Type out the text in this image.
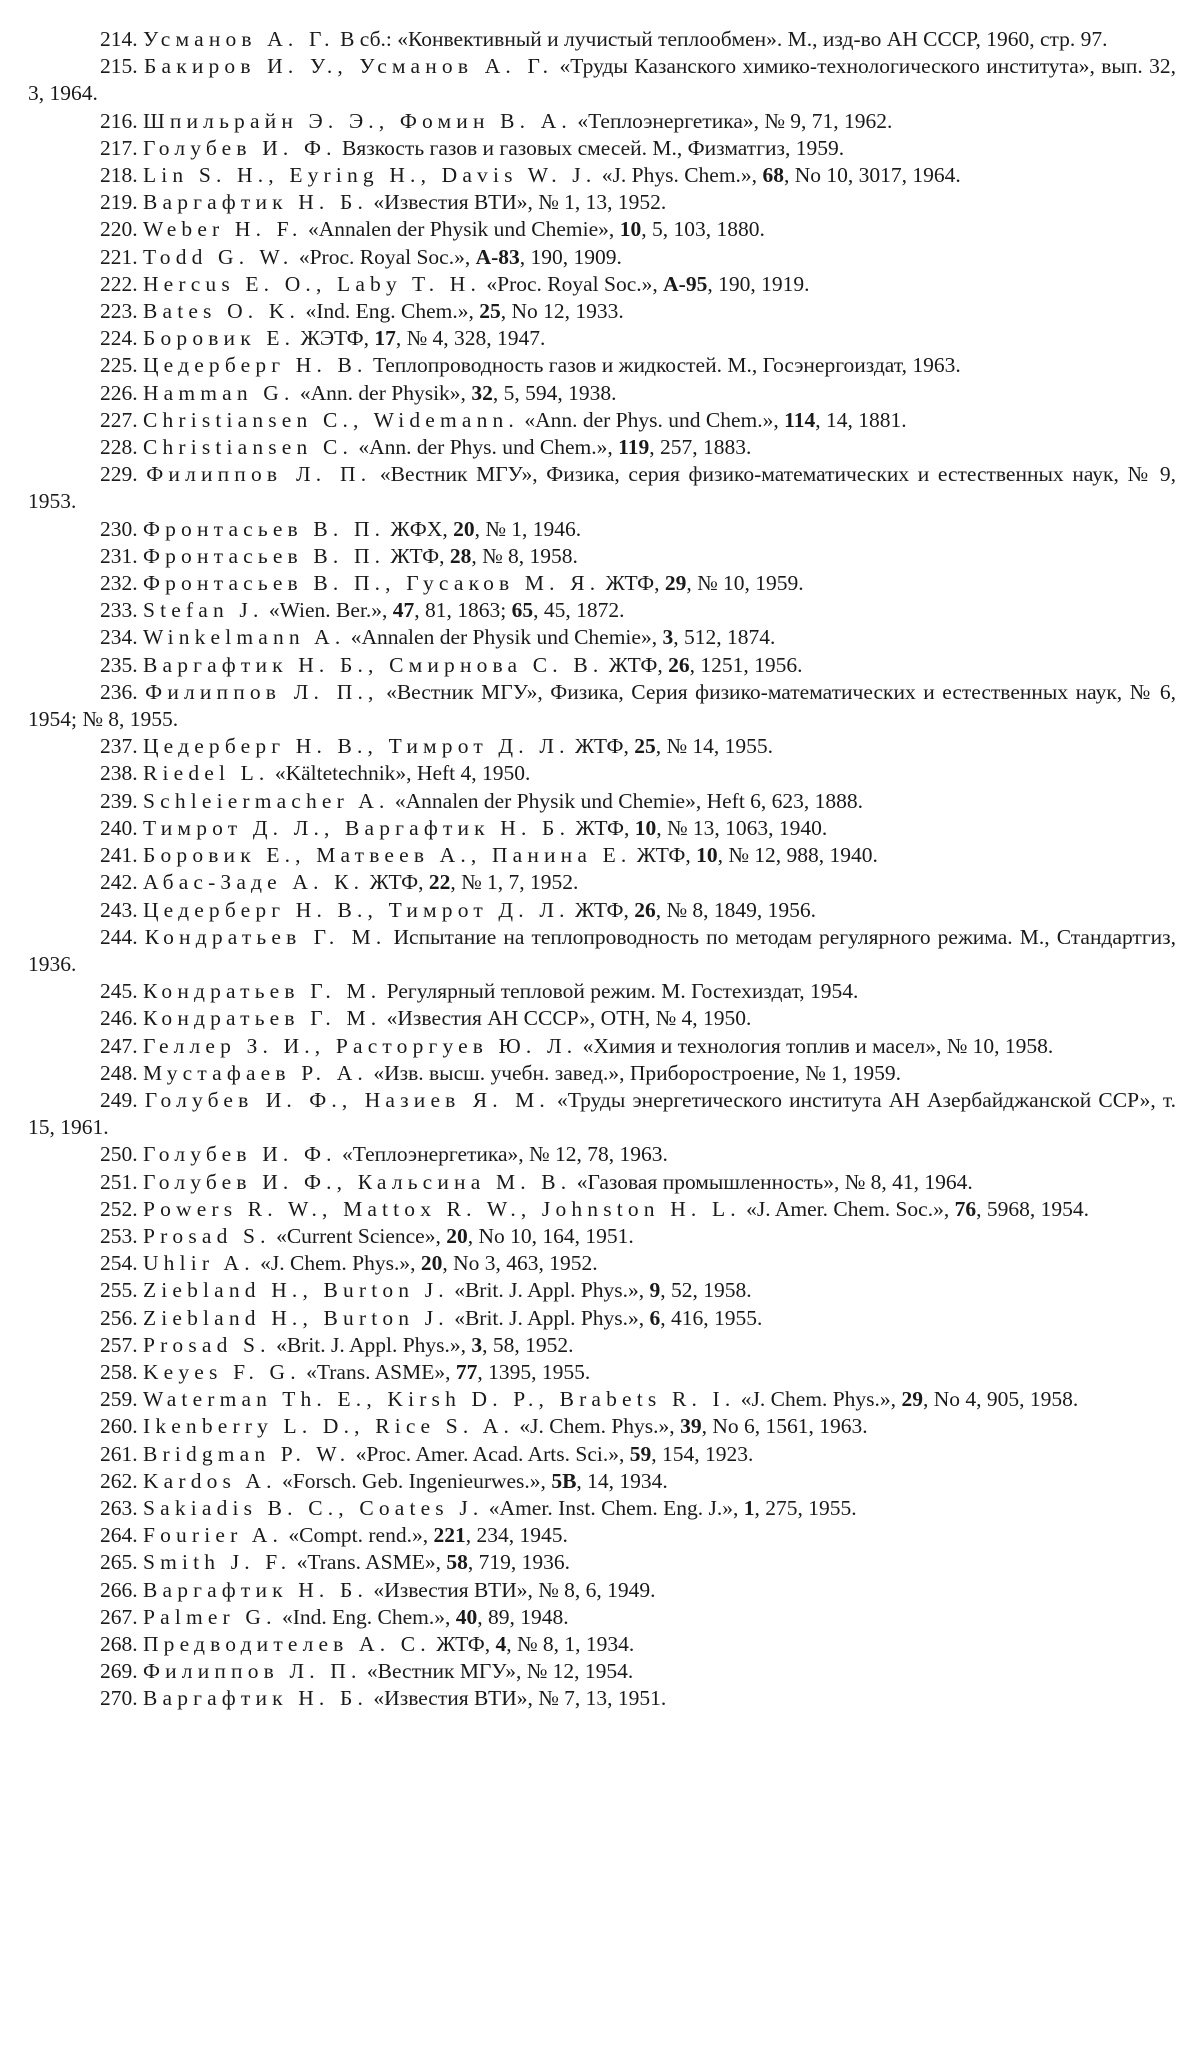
214. Усманов А. Г. В сб.: «Конвективный и лучистый теплообмен». М., изд-во АН СССР, 1960, стр. 97.
215. Бакиров И. У., Усманов А. Г. «Труды Казанского химико-технологического института», вып. 32, 3, 1964.
216. Шпильрайн Э. Э., Фомин В. А. «Теплоэнергетика», № 9, 71, 1962.
217. Голубев И. Ф. Вязкость газов и газовых смесей. М., Физматгиз, 1959.
218. Lin S. H., Eyring H., Davis W. J. «J. Phys. Chem.», 68, No 10, 3017, 1964.
219. Варгафтик Н. Б. «Известия ВТИ», № 1, 13, 1952.
220. Weber H. F. «Annalen der Physik und Chemie», 10, 5, 103, 1880.
221. Todd G. W. «Proc. Royal Soc.», A-83, 190, 1909.
222. Hercus E. O., Laby T. H. «Proc. Royal Soc.», A-95, 190, 1919.
223. Bates O. K. «Ind. Eng. Chem.», 25, No 12, 1933.
224. Боровик Е. ЖЭТФ, 17, № 4, 328, 1947.
225. Цедерберг Н. В. Теплопроводность газов и жидкостей. М., Госэнергоиздат, 1963.
226. Hamman G. «Ann. der Physik», 32, 5, 594, 1938.
227. Christiansen C., Widemann. «Ann. der Phys. und Chem.», 114, 14, 1881.
228. Christiansen C. «Ann. der Phys. und Chem.», 119, 257, 1883.
229. Филиппов Л. П. «Вестник МГУ», Физика, серия физико-математических и естественных наук, № 9, 1953.
230. Фронтасьев В. П. ЖФХ, 20, № 1, 1946.
231. Фронтасьев В. П. ЖТФ, 28, № 8, 1958.
232. Фронтасьев В. П., Гусаков М. Я. ЖТФ, 29, № 10, 1959.
233. Stefan J. «Wien. Ber.», 47, 81, 1863; 65, 45, 1872.
234. Winkelmann A. «Annalen der Physik und Chemie», 3, 512, 1874.
235. Варгафтик Н. Б., Смирнова С. В. ЖТФ, 26, 1251, 1956.
236. Филиппов Л. П., «Вестник МГУ», Физика, Серия физико-математических и естественных наук, № 6, 1954; № 8, 1955.
237. Цедерберг Н. В., Тимрот Д. Л. ЖТФ, 25, № 14, 1955.
238. Riedel L. «Kältetechnik», Heft 4, 1950.
239. Schleiermacher A. «Annalen der Physik und Chemie», Heft 6, 623, 1888.
240. Тимрот Д. Л., Варгафтик Н. Б. ЖТФ, 10, № 13, 1063, 1940.
241. Боровик Е., Матвеев А., Панина Е. ЖТФ, 10, № 12, 988, 1940.
242. Абас-Заде А. К. ЖТФ, 22, № 1, 7, 1952.
243. Цедерберг Н. В., Тимрот Д. Л. ЖТФ, 26, № 8, 1849, 1956.
244. Кондратьев Г. М. Испытание на теплопроводность по методам регулярного режима. М., Стандартгиз, 1936.
245. Кондратьев Г. М. Регулярный тепловой режим. М. Гостехиздат, 1954.
246. Кондратьев Г. М. «Известия АН СССР», ОТН, № 4, 1950.
247. Геллер З. И., Расторгуев Ю. Л. «Химия и технология топлив и масел», № 10, 1958.
248. Мустафаев Р. А. «Изв. высш. учебн. завед.», Приборостроение, № 1, 1959.
249. Голубев И. Ф., Назиев Я. М. «Труды энергетического института АН Азербайджанской ССР», т. 15, 1961.
250. Голубев И. Ф. «Теплоэнергетика», № 12, 78, 1963.
251. Голубев И. Ф., Кальсина М. В. «Газовая промышленность», № 8, 41, 1964.
252. Powers R. W., Mattox R. W., Johnston H. L. «J. Amer. Chem. Soc.», 76, 5968, 1954.
253. Prosad S. «Current Science», 20, No 10, 164, 1951.
254. Uhlir A. «J. Chem. Phys.», 20, No 3, 463, 1952.
255. Ziebland H., Burton J. «Brit. J. Appl. Phys.», 9, 52, 1958.
256. Ziebland H., Burton J. «Brit. J. Appl. Phys.», 6, 416, 1955.
257. Prosad S. «Brit. J. Appl. Phys.», 3, 58, 1952.
258. Keyes F. G. «Trans. ASME», 77, 1395, 1955.
259. Waterman Th. E., Kirsh D. P., Brabets R. I. «J. Chem. Phys.», 29, No 4, 905, 1958.
260. Ikenberry L. D., Rice S. A. «J. Chem. Phys.», 39, No 6, 1561, 1963.
261. Bridgman P. W. «Proc. Amer. Acad. Arts. Sci.», 59, 154, 1923.
262. Kardos A. «Forsch. Geb. Ingenieurwes.», 5B, 14, 1934.
263. Sakiadis B. C., Coates J. «Amer. Inst. Chem. Eng. J.», 1, 275, 1955.
264. Fourier A. «Compt. rend.», 221, 234, 1945.
265. Smith J. F. «Trans. ASME», 58, 719, 1936.
266. Варгафтик Н. Б. «Известия ВТИ», № 8, 6, 1949.
267. Palmer G. «Ind. Eng. Chem.», 40, 89, 1948.
268. Предводителев А. С. ЖТФ, 4, № 8, 1, 1934.
269. Филиппов Л. П. «Вестник МГУ», № 12, 1954.
270. Варгафтик Н. Б. «Известия ВТИ», № 7, 13, 1951.
